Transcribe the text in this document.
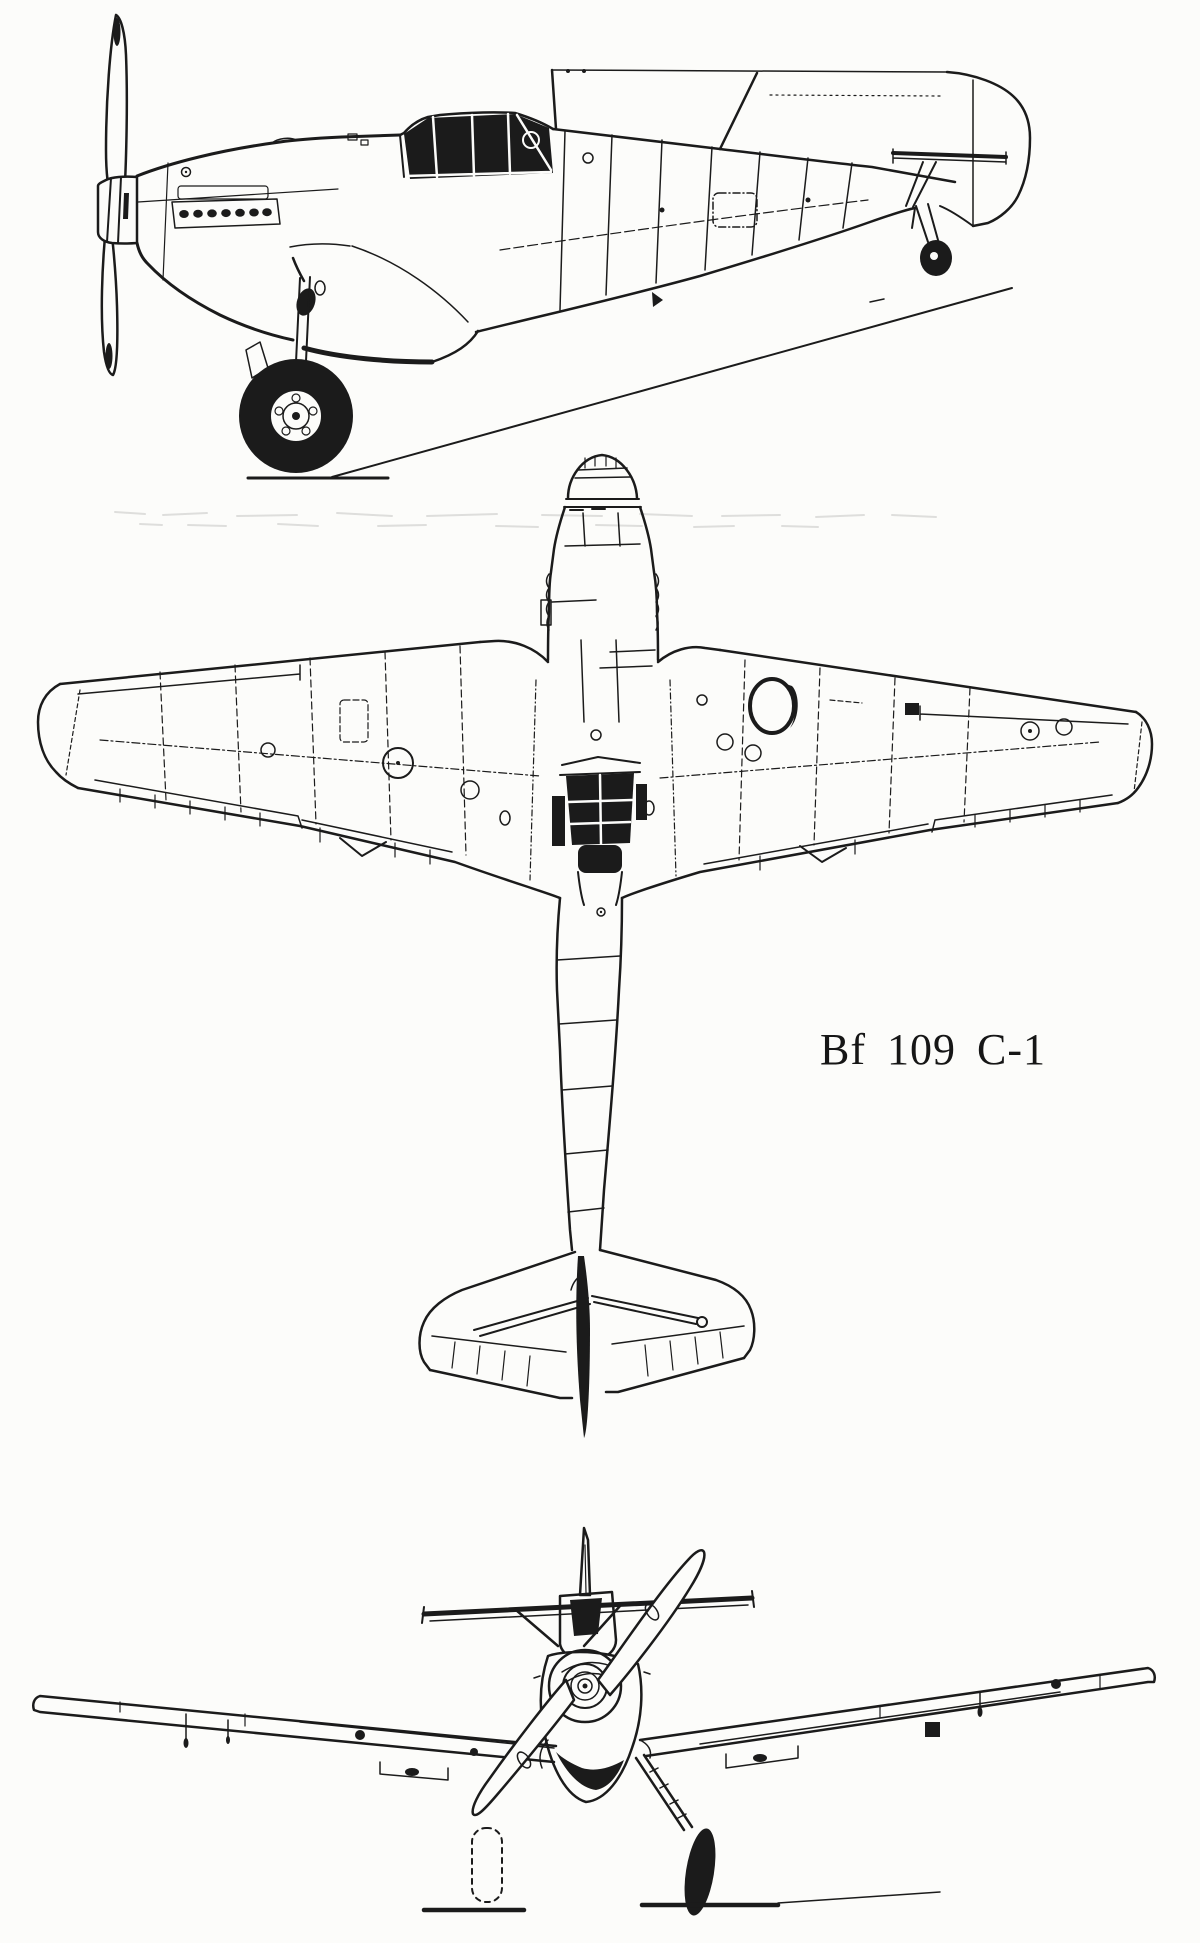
Bf 109 C-1
